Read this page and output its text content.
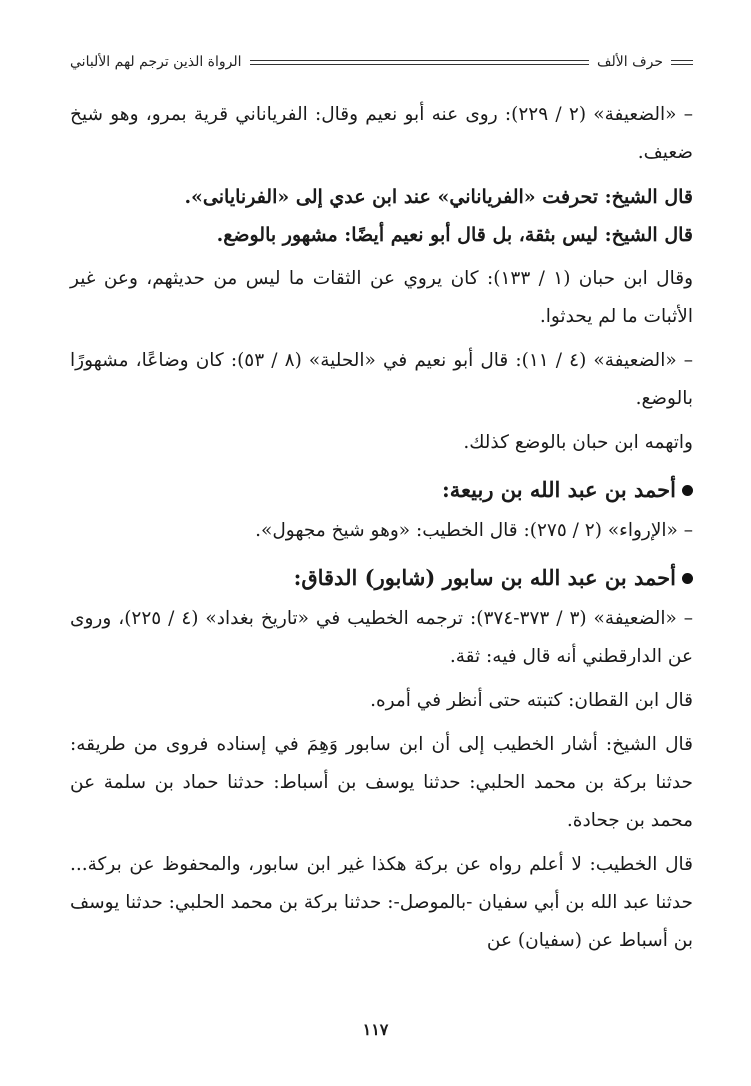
حرف الألف
الرواة الذين ترجم لهم الألباني

– «الضعيفة» (٢ / ٢٢٩): روى عنه أبو نعيم وقال: الفرياناني قرية بمرو، وهو شيخ ضعيف.

قال الشيخ: تحرفت «الفرياناني» عند ابن عدي إلى «الفرنايانى».

قال الشيخ: ليس بثقة، بل قال أبو نعيم أيضًا: مشهور بالوضع.

وقال ابن حبان (١ / ١٣٣): كان يروي عن الثقات ما ليس من حديثهم، وعن غير الأثبات ما لم يحدثوا.

– «الضعيفة» (٤ / ١١): قال أبو نعيم في «الحلية» (٨ / ٥٣): كان وضاعًا، مشهورًا بالوضع.

واتهمه ابن حبان بالوضع كذلك.

أحمد بن عبد الله بن ربيعة:

– «الإرواء» (٢ / ٢٧٥): قال الخطيب: «وهو شيخ مجهول».

أحمد بن عبد الله بن سابور (شابور) الدقاق:

– «الضعيفة» (٣ / ٣٧٣-٣٧٤): ترجمه الخطيب في «تاريخ بغداد» (٤ / ٢٢٥)، وروى عن الدارقطني أنه قال فيه: ثقة.

قال ابن القطان: كتبته حتى أنظر في أمره.

قال الشيخ: أشار الخطيب إلى أن ابن سابور وَهِمَ في إسناده فروى من طريقه: حدثنا بركة بن محمد الحلبي: حدثنا يوسف بن أسباط: حدثنا حماد بن سلمة عن محمد بن جحادة.

قال الخطيب: لا أعلم رواه عن بركة هكذا غير ابن سابور، والمحفوظ عن بركة... حدثنا عبد الله بن أبي سفيان -بالموصل-: حدثنا بركة بن محمد الحلبي: حدثنا يوسف بن أسباط عن (سفيان) عن

١١٧
